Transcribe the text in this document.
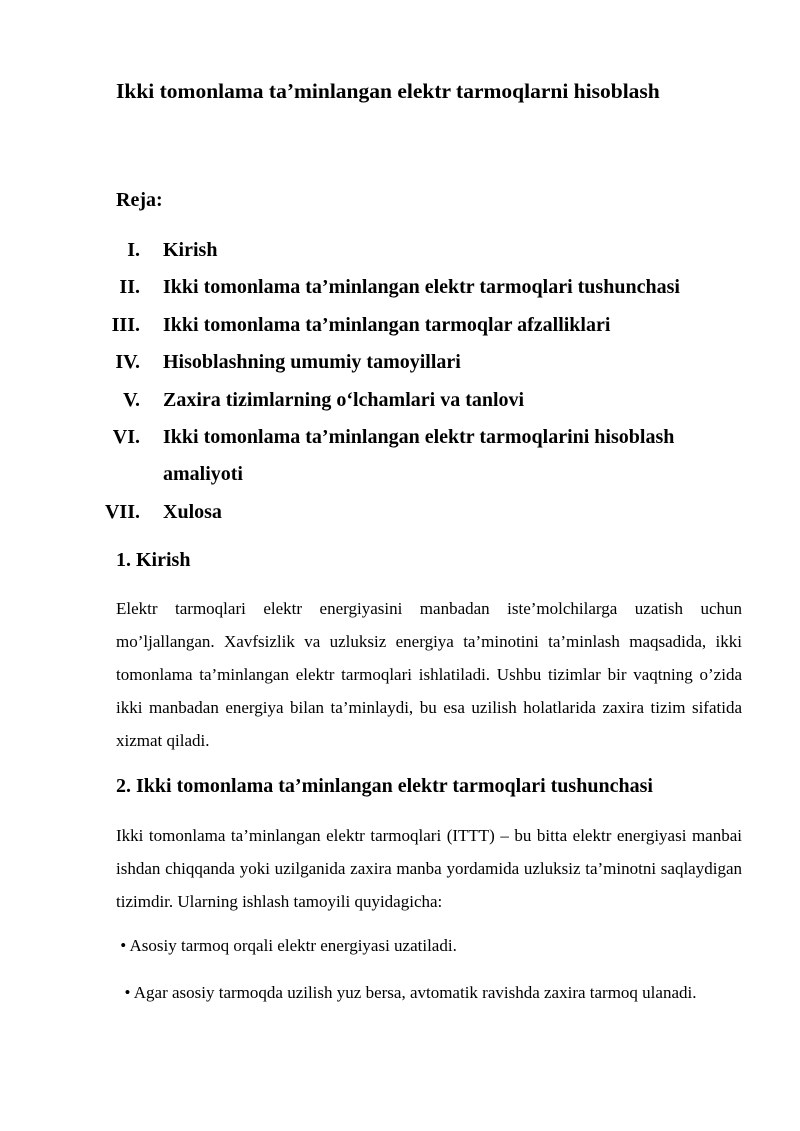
Ikki tomonlama ta’minlangan elektr tarmoqlarni hisoblash
Reja:
I. Kirish
II. Ikki tomonlama ta’minlangan elektr tarmoqlari tushunchasi
III. Ikki tomonlama ta’minlangan tarmoqlar afzalliklari
IV. Hisoblashning umumiy tamoyillari
V. Zaxira tizimlarning o‘lchamlari va tanlovi
VI. Ikki tomonlama ta’minlangan elektr tarmoqlarini hisoblash amaliyoti
VII. Xulosa
1. Kirish

Elektr tarmoqlari elektr energiyasini manbadan iste’molchilarga uzatish uchun mo’ljallangan. Xavfsizlik va uzluksiz energiya ta’minotini ta’minlash maqsadida, ikki tomonlama ta’minlangan elektr tarmoqlari ishlatiladi. Ushbu tizimlar bir vaqtning o’zida ikki manbadan energiya bilan ta’minlaydi, bu esa uzilish holatlarida zaxira tizim sifatida xizmat qiladi.

2. Ikki tomonlama ta’minlangan elektr tarmoqlari tushunchasi

Ikki tomonlama ta’minlangan elektr tarmoqlari (ITTT) – bu bitta elektr energiyasi manbai ishdan chiqqanda yoki uzilganida zaxira manba yordamida uzluksiz ta’minotni saqlaydigan tizimdir. Ularning ishlash tamoyili quyidagicha:

• Asosiy tarmoq orqali elektr energiyasi uzatiladi.

• Agar asosiy tarmoqda uzilish yuz bersa, avtomatik ravishda zaxira tarmoq ulanadi.
